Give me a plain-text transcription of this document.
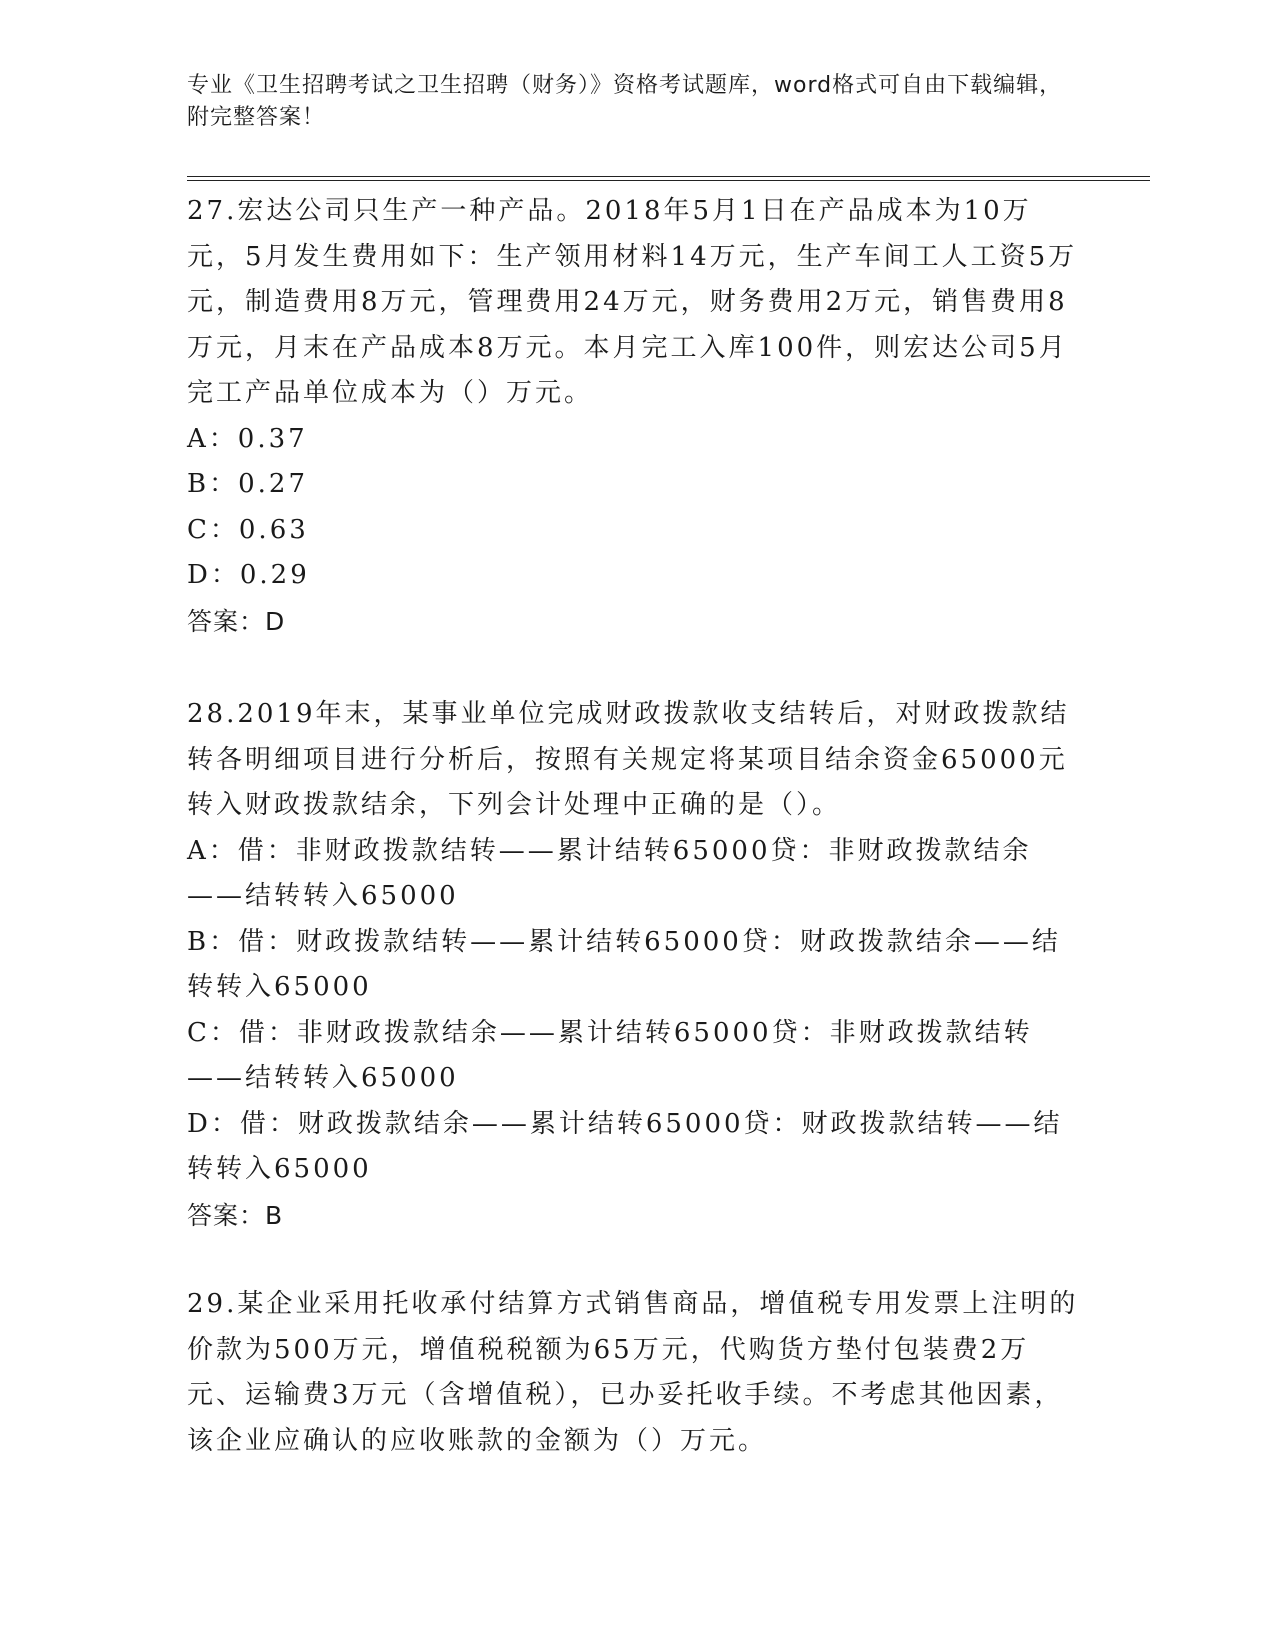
专业《卫生招聘考试之卫生招聘（财务）》资格考试题库，word格式可自由下载编辑，附完整答案！
27.宏达公司只生产一种产品。2018年5月1日在产品成本为10万元，5月发生费用如下：生产领用材料14万元，生产车间工人工资5万元，制造费用8万元，管理费用24万元，财务费用2万元，销售费用8万元，月末在产品成本8万元。本月完工入库100件，则宏达公司5月完工产品单位成本为（）万元。
A：0.37
B：0.27
C：0.63
D：0.29
答案：D
28.2019年末，某事业单位完成财政拨款收支结转后，对财政拨款结转各明细项目进行分析后，按照有关规定将某项目结余资金65000元转入财政拨款结余，下列会计处理中正确的是（）。
A：借：非财政拨款结转——累计结转65000贷：非财政拨款结余——结转转入65000
B：借：财政拨款结转——累计结转65000贷：财政拨款结余——结转转入65000
C：借：非财政拨款结余——累计结转65000贷：非财政拨款结转——结转转入65000
D：借：财政拨款结余——累计结转65000贷：财政拨款结转——结转转入65000
答案：B
29.某企业采用托收承付结算方式销售商品，增值税专用发票上注明的价款为500万元，增值税税额为65万元，代购货方垫付包装费2万元、运输费3万元（含增值税），已办妥托收手续。不考虑其他因素，该企业应确认的应收账款的金额为（）万元。
